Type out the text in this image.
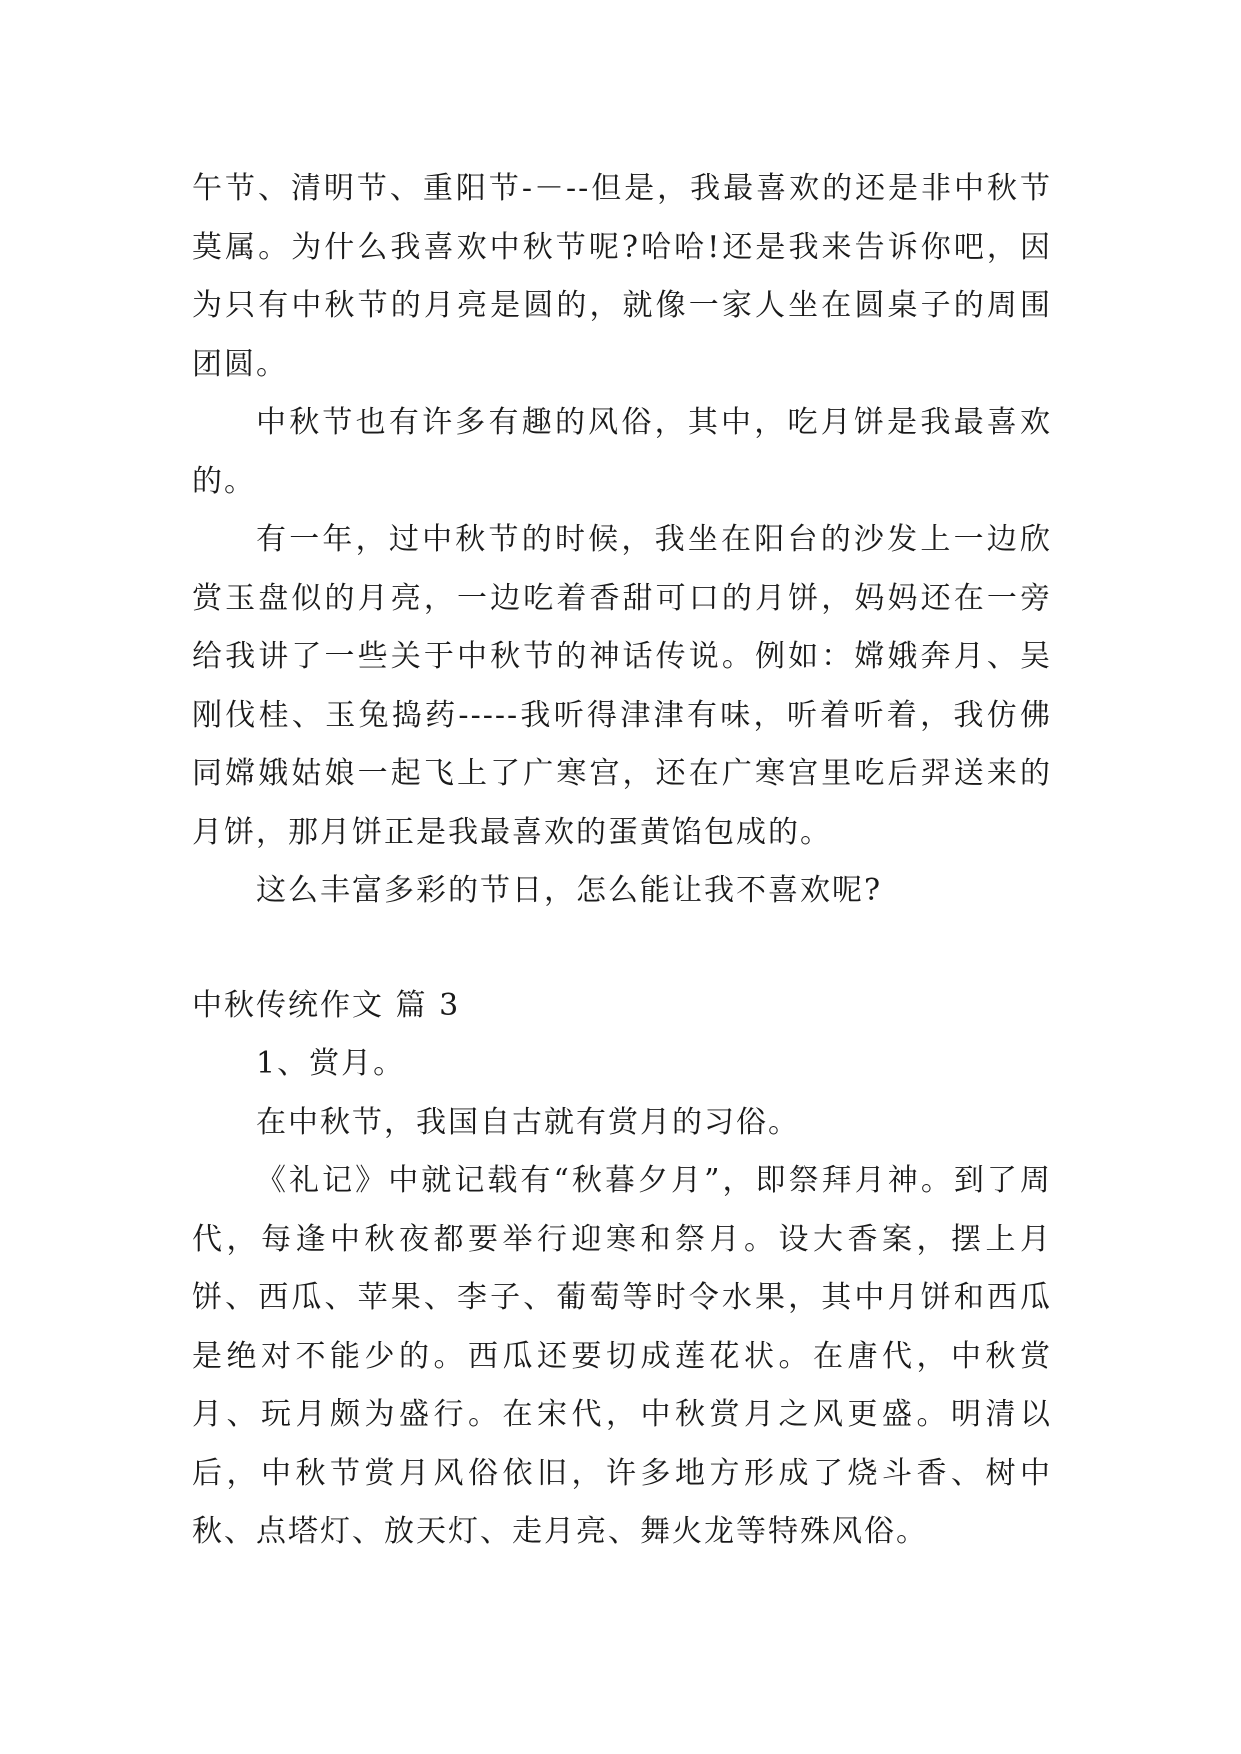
午节、清明节、重阳节-－--但是，我最喜欢的还是非中秋节莫属。为什么我喜欢中秋节呢?哈哈!还是我来告诉你吧，因为只有中秋节的月亮是圆的，就像一家人坐在圆桌子的周围团圆。

中秋节也有许多有趣的风俗，其中，吃月饼是我最喜欢的。

有一年，过中秋节的时候，我坐在阳台的沙发上一边欣赏玉盘似的月亮，一边吃着香甜可口的月饼，妈妈还在一旁给我讲了一些关于中秋节的神话传说。例如：嫦娥奔月、吴刚伐桂、玉兔捣药-----我听得津津有味，听着听着，我仿佛同嫦娥姑娘一起飞上了广寒宫，还在广寒宫里吃后羿送来的月饼，那月饼正是我最喜欢的蛋黄馅包成的。

这么丰富多彩的节日，怎么能让我不喜欢呢?

中秋传统作文 篇 3

1、赏月。

在中秋节，我国自古就有赏月的习俗。

《礼记》中就记载有“秋暮夕月”，即祭拜月神。到了周代，每逢中秋夜都要举行迎寒和祭月。设大香案，摆上月饼、西瓜、苹果、李子、葡萄等时令水果，其中月饼和西瓜是绝对不能少的。西瓜还要切成莲花状。在唐代，中秋赏月、玩月颇为盛行。在宋代，中秋赏月之风更盛。明清以后，中秋节赏月风俗依旧，许多地方形成了烧斗香、树中秋、点塔灯、放天灯、走月亮、舞火龙等特殊风俗。
